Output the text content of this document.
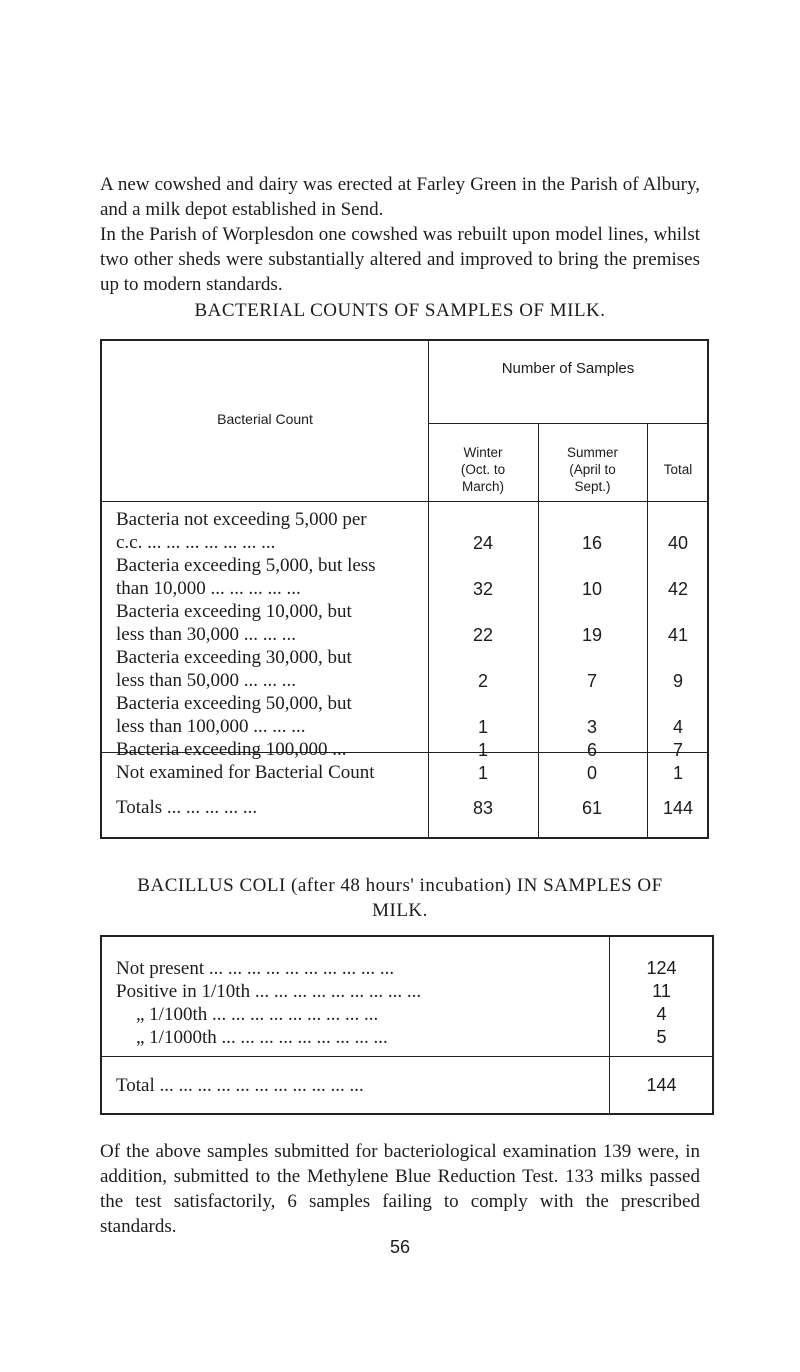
A new cowshed and dairy was erected at Farley Green in the Parish of Albury, and a milk depot established in Send.

In the Parish of Worplesdon one cowshed was rebuilt upon model lines, whilst two other sheds were substantially altered and improved to bring the premises up to modern standards.

BACTERIAL COUNTS OF SAMPLES OF MILK.
Bacterial Count
Number of Samples
Winter
(Oct. to
March)
Summer
(April to
Sept.)
Total
Bacteria not exceeding 5,000 per
c.c. ... ... ... ... ... ... ...	24	16	40
Bacteria exceeding 5,000, but less
than 10,000 ... ... ... ... ...	32	10	42
Bacteria exceeding 10,000, but
less than 30,000 ... ... ...	22	19	41
Bacteria exceeding 30,000, but
less than 50,000 ... ... ...	2	7	9
Bacteria exceeding 50,000, but
less than 100,000 ... ... ...	1	3	4
Bacteria exceeding 100,000 ...	1	6	7
Not examined for Bacterial Count	1	0	1
Totals ... ... ... ... ...	83	61	144
BACILLUS COLI (after 48 hours' incubation) IN SAMPLES OF
MILK.
Not present ... ... ... ... ... ... ... ... ... ...	124
Positive in 1/10th ... ... ... ... ... ... ... ... ...	11
„ 1/100th ... ... ... ... ... ... ... ... ...	4
„ 1/1000th ... ... ... ... ... ... ... ... ...	5
Total ... ... ... ... ... ... ... ... ... ... ...	144

Of the above samples submitted for bacteriological examination 139 were, in addition, submitted to the Methylene Blue Reduction Test. 133 milks passed the test satisfactorily, 6 samples failing to comply with the prescribed standards.

56
